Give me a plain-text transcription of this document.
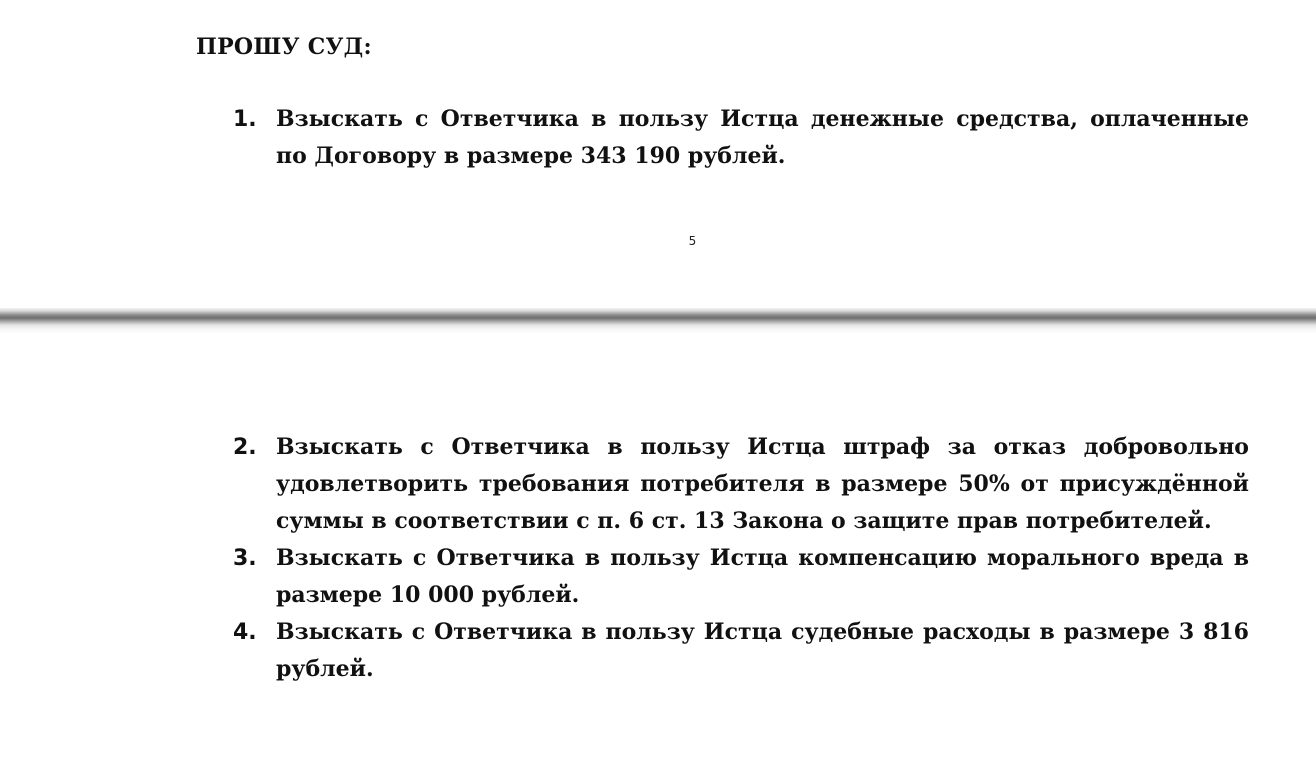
ПРОШУ СУД:
1. Взыскать с Ответчика в пользу Истца денежные средства, оплаченные по Договору в размере 343 190 рублей.
5
2. Взыскать с Ответчика в пользу Истца штраф за отказ добровольно удовлетворить требования потребителя в размере 50% от присуждённой суммы в соответствии с п. 6 ст. 13 Закона о защите прав потребителей.
3. Взыскать с Ответчика в пользу Истца компенсацию морального вреда в размере 10 000 рублей.
4. Взыскать с Ответчика в пользу Истца судебные расходы в размере 3 816 рублей.
